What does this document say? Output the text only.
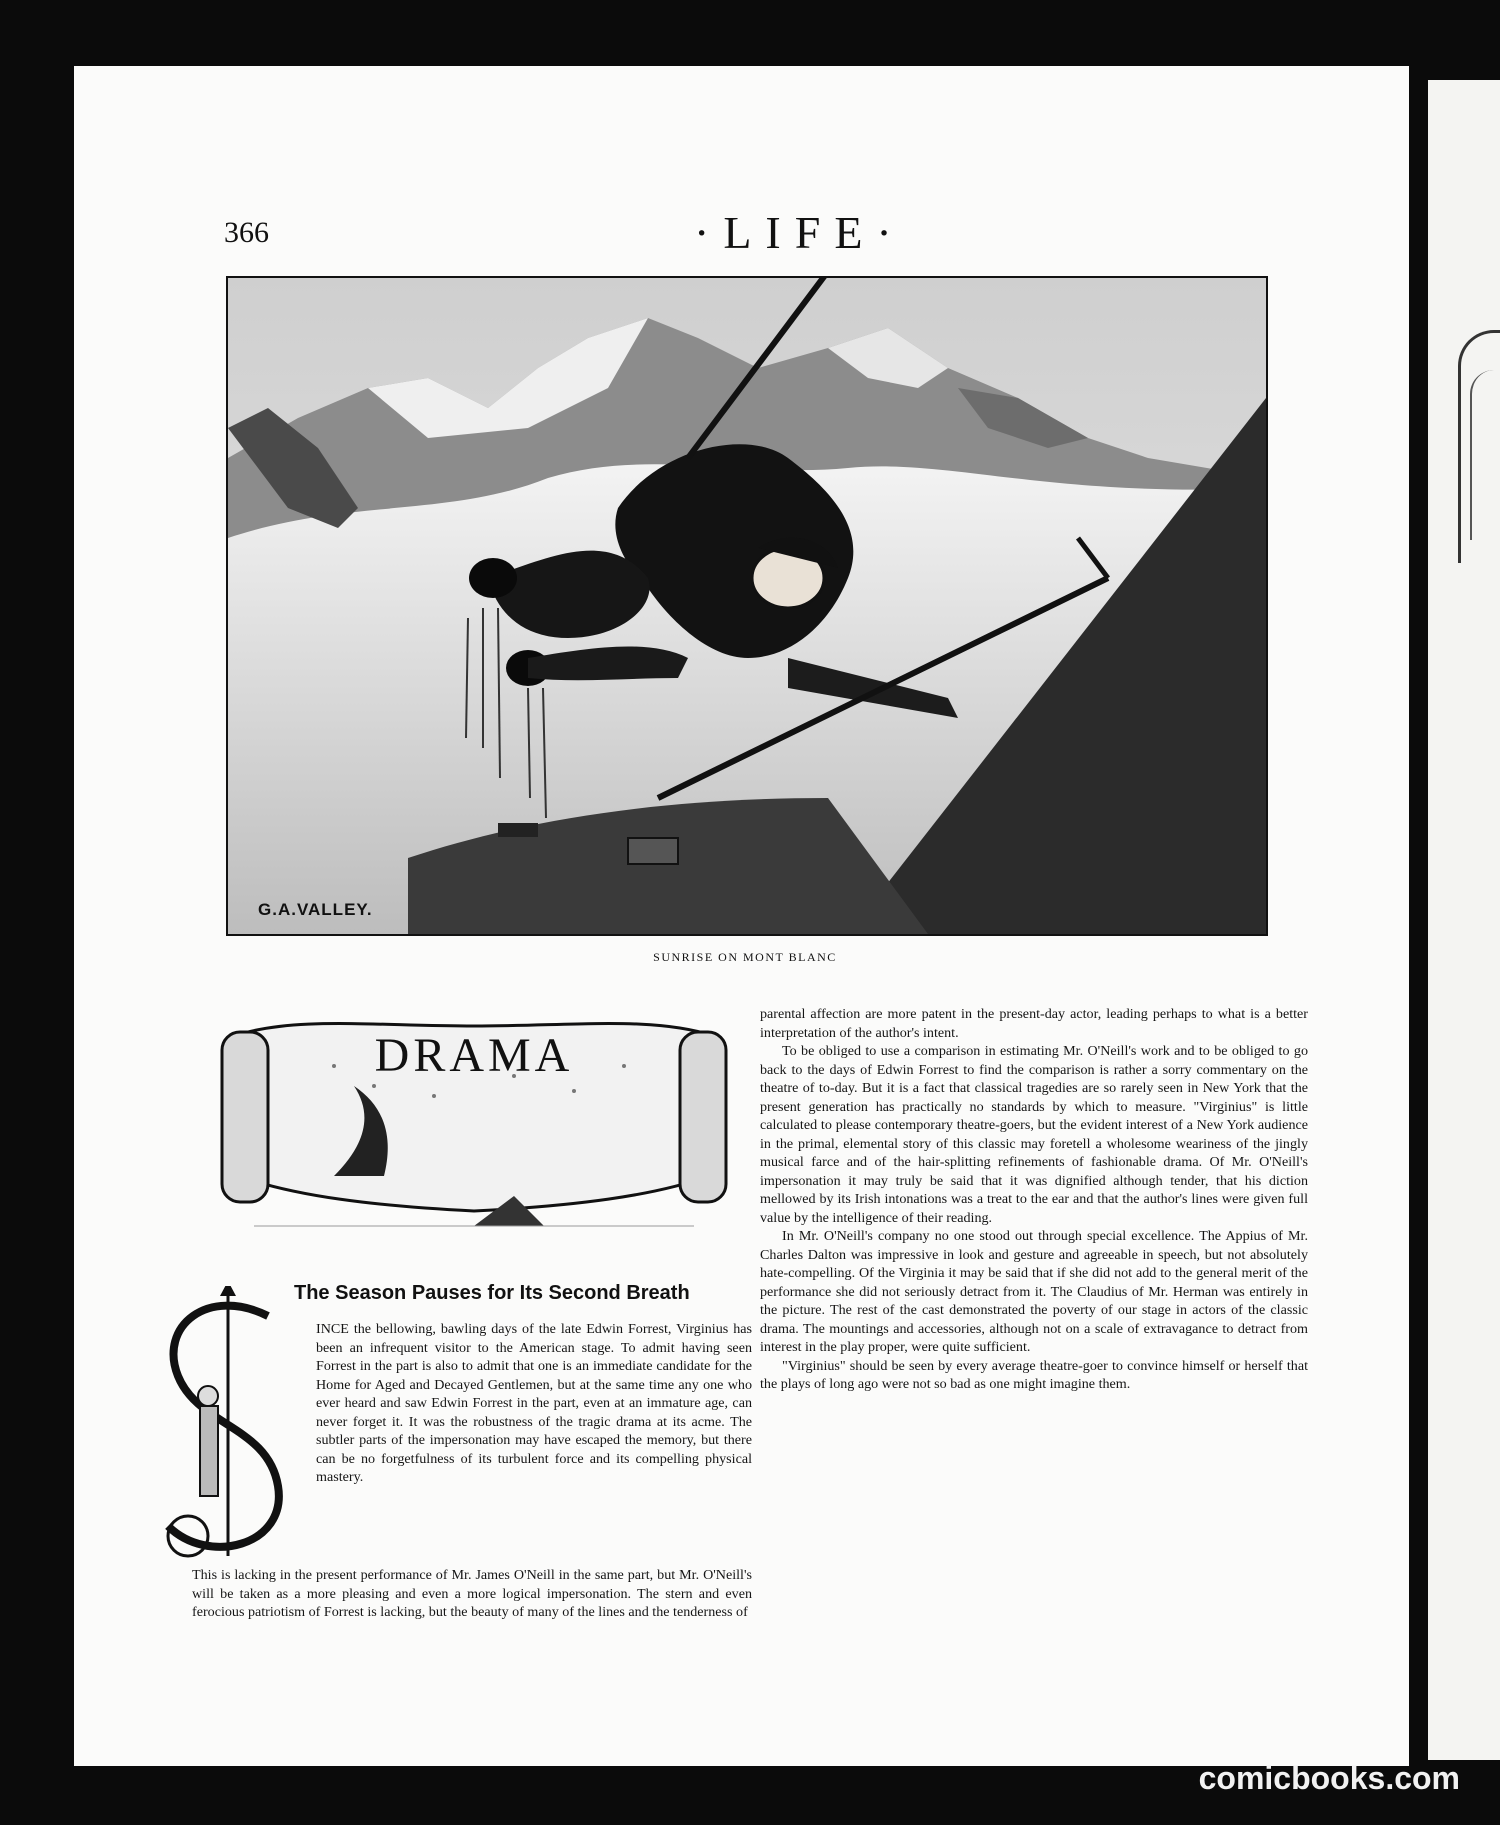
366	·LIFE·
G.A.VALLEY.
SUNRISE ON MONT BLANC
DRAMA
The Season Pauses for Its Second Breath
INCE the bellowing, bawling days of the late Edwin Forrest, Virginius has been an infrequent visitor to the American stage. To admit having seen Forrest in the part is also to admit that one is an immediate candidate for the Home for Aged and Decayed Gentlemen, but at the same time any one who ever heard and saw Edwin Forrest in the part, even at an immature age, can never forget it. It was the robustness of the tragic drama at its acme. The subtler parts of the impersonation may have escaped the memory, but there can be no forgetfulness of its turbulent force and its compelling physical mastery.

This is lacking in the present performance of Mr. James O'Neill in the same part, but Mr. O'Neill's will be taken as a more pleasing and even a more logical impersonation. The stern and even ferocious patriotism of Forrest is lacking, but the beauty of many of the lines and the tenderness of

parental affection are more patent in the present-day actor, leading perhaps to what is a better interpretation of the author's intent.

To be obliged to use a comparison in estimating Mr. O'Neill's work and to be obliged to go back to the days of Edwin Forrest to find the comparison is rather a sorry commentary on the theatre of to-day. But it is a fact that classical tragedies are so rarely seen in New York that the present generation has practically no standards by which to measure. "Virginius" is little calculated to please contemporary theatre-goers, but the evident interest of a New York audience in the primal, elemental story of this classic may foretell a wholesome weariness of the jingly musical farce and of the hair-splitting refinements of fashionable drama. Of Mr. O'Neill's impersonation it may truly be said that it was dignified although tender, that his diction mellowed by its Irish intonations was a treat to the ear and that the author's lines were given full value by the intelligence of their reading.

In Mr. O'Neill's company no one stood out through special excellence. The Appius of Mr. Charles Dalton was impressive in look and gesture and agreeable in speech, but not absolutely hate-compelling. Of the Virginia it may be said that if she did not add to the general merit of the performance she did not seriously detract from it. The Claudius of Mr. Herman was entirely in the picture. The rest of the cast demonstrated the poverty of our stage in actors of the classic drama. The mountings and accessories, although not on a scale of extravagance to detract from interest in the play proper, were quite sufficient.

"Virginius" should be seen by every average theatre-goer to convince himself or herself that the plays of long ago were not so bad as one might imagine them.

comicbooks.com
